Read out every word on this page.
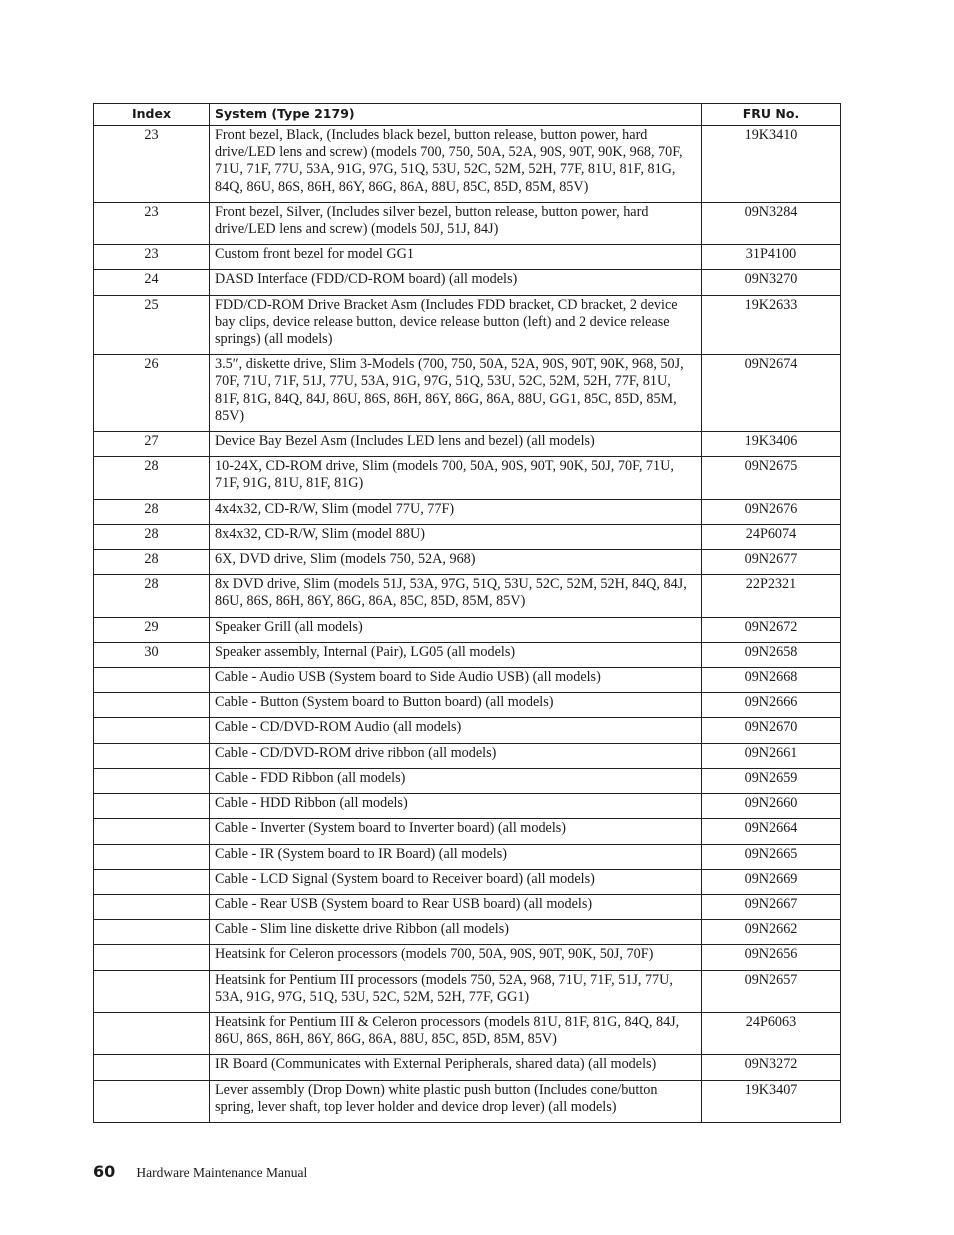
Index	System (Type 2179)	FRU No.
23	Front bezel, Black, (Includes black bezel, button release, button power, hard drive/LED lens and screw) (models 700, 750, 50A, 52A, 90S, 90T, 90K, 968, 70F, 71U, 71F, 77U, 53A, 91G, 97G, 51Q, 53U, 52C, 52M, 52H, 77F, 81U, 81F, 81G, 84Q, 86U, 86S, 86H, 86Y, 86G, 86A, 88U, 85C, 85D, 85M, 85V)	19K3410
23	Front bezel, Silver, (Includes silver bezel, button release, button power, hard drive/LED lens and screw) (models 50J, 51J, 84J)	09N3284
23	Custom front bezel for model GG1	31P4100
24	DASD Interface (FDD/CD-ROM board) (all models)	09N3270
25	FDD/CD-ROM Drive Bracket Asm (Includes FDD bracket, CD bracket, 2 device bay clips, device release button, device release button (left) and 2 device release springs) (all models)	19K2633
26	3.5″, diskette drive, Slim 3-Models (700, 750, 50A, 52A, 90S, 90T, 90K, 968, 50J, 70F, 71U, 71F, 51J, 77U, 53A, 91G, 97G, 51Q, 53U, 52C, 52M, 52H, 77F, 81U, 81F, 81G, 84Q, 84J, 86U, 86S, 86H, 86Y, 86G, 86A, 88U, GG1, 85C, 85D, 85M, 85V)	09N2674
27	Device Bay Bezel Asm (Includes LED lens and bezel) (all models)	19K3406
28	10-24X, CD-ROM drive, Slim (models 700, 50A, 90S, 90T, 90K, 50J, 70F, 71U, 71F, 91G, 81U, 81F, 81G)	09N2675
28	4x4x32, CD-R/W, Slim (model 77U, 77F)	09N2676
28	8x4x32, CD-R/W, Slim (model 88U)	24P6074
28	6X, DVD drive, Slim (models 750, 52A, 968)	09N2677
28	8x DVD drive, Slim (models 51J, 53A, 97G, 51Q, 53U, 52C, 52M, 52H, 84Q, 84J, 86U, 86S, 86H, 86Y, 86G, 86A, 85C, 85D, 85M, 85V)	22P2321
29	Speaker Grill (all models)	09N2672
30	Speaker assembly, Internal (Pair), LG05 (all models)	09N2658
	Cable - Audio USB (System board to Side Audio USB) (all models)	09N2668
	Cable - Button (System board to Button board) (all models)	09N2666
	Cable - CD/DVD-ROM Audio (all models)	09N2670
	Cable - CD/DVD-ROM drive ribbon (all models)	09N2661
	Cable - FDD Ribbon (all models)	09N2659
	Cable - HDD Ribbon (all models)	09N2660
	Cable - Inverter (System board to Inverter board) (all models)	09N2664
	Cable - IR (System board to IR Board) (all models)	09N2665
	Cable - LCD Signal (System board to Receiver board) (all models)	09N2669
	Cable - Rear USB (System board to Rear USB board) (all models)	09N2667
	Cable - Slim line diskette drive Ribbon (all models)	09N2662
	Heatsink for Celeron processors (models 700, 50A, 90S, 90T, 90K, 50J, 70F)	09N2656
	Heatsink for Pentium III processors (models 750, 52A, 968, 71U, 71F, 51J, 77U, 53A, 91G, 97G, 51Q, 53U, 52C, 52M, 52H, 77F, GG1)	09N2657
	Heatsink for Pentium III & Celeron processors (models 81U, 81F, 81G, 84Q, 84J, 86U, 86S, 86H, 86Y, 86G, 86A, 88U, 85C, 85D, 85M, 85V)	24P6063
	IR Board (Communicates with External Peripherals, shared data) (all models)	09N3272
	Lever assembly (Drop Down) white plastic push button (Includes cone/button spring, lever shaft, top lever holder and device drop lever) (all models)	19K3407
60 Hardware Maintenance Manual
